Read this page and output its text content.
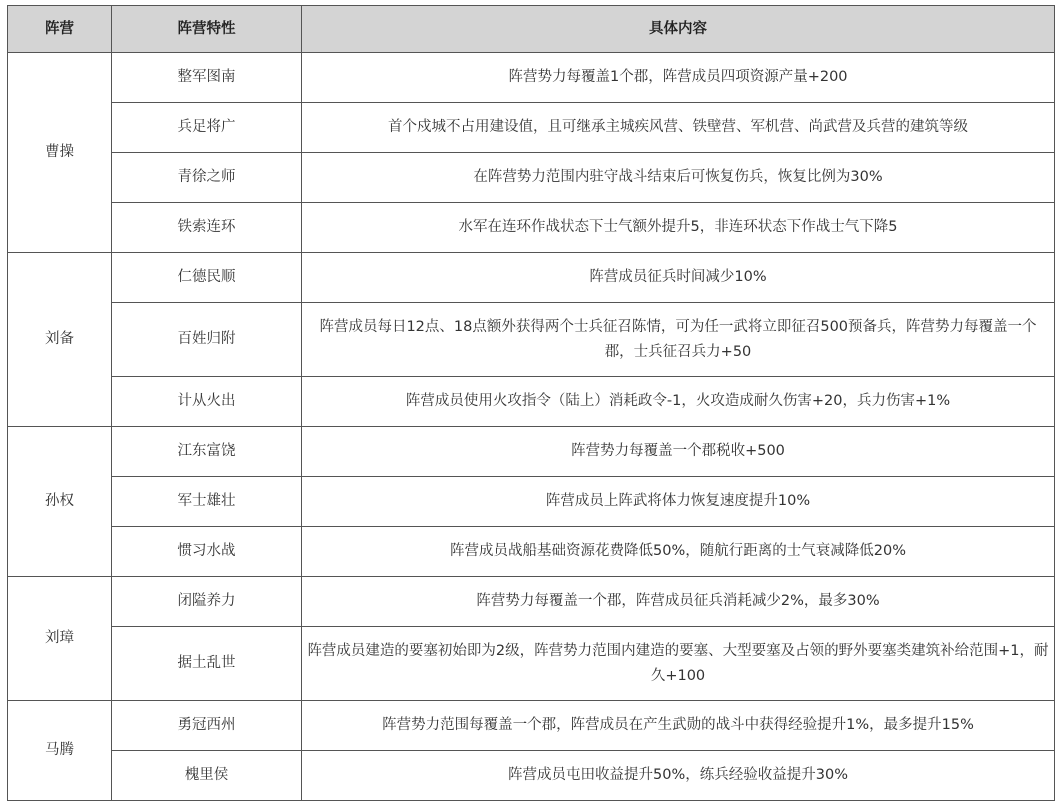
阵营	阵营特性	具体内容
曹操	整军图南	阵营势力每覆盖1个郡，阵营成员四项资源产量+200
	兵足将广	首个戍城不占用建设值，且可继承主城疾风营、铁壁营、军机营、尚武营及兵营的建筑等级
	青徐之师	在阵营势力范围内驻守战斗结束后可恢复伤兵，恢复比例为30%
	铁索连环	水军在连环作战状态下士气额外提升5，非连环状态下作战士气下降5
刘备	仁德民顺	阵营成员征兵时间减少10%
	百姓归附	阵营成员每日12点、18点额外获得两个士兵征召陈情，可为任一武将立即征召500预备兵，阵营势力每覆盖一个郡，士兵征召兵力+50
	计从火出	阵营成员使用火攻指令（陆上）消耗政令-1，火攻造成耐久伤害+20，兵力伤害+1%
孙权	江东富饶	阵营势力每覆盖一个郡税收+500
	军士雄壮	阵营成员上阵武将体力恢复速度提升10%
	惯习水战	阵营成员战船基础资源花费降低50%，随航行距离的士气衰减降低20%
刘璋	闭隘养力	阵营势力每覆盖一个郡，阵营成员征兵消耗减少2%，最多30%
	据土乱世	阵营成员建造的要塞初始即为2级，阵营势力范围内建造的要塞、大型要塞及占领的野外要塞类建筑补给范围+1，耐久+100
马腾	勇冠西州	阵营势力范围每覆盖一个郡，阵营成员在产生武勋的战斗中获得经验提升1%，最多提升15%
	槐里侯	阵营成员屯田收益提升50%，练兵经验收益提升30%
